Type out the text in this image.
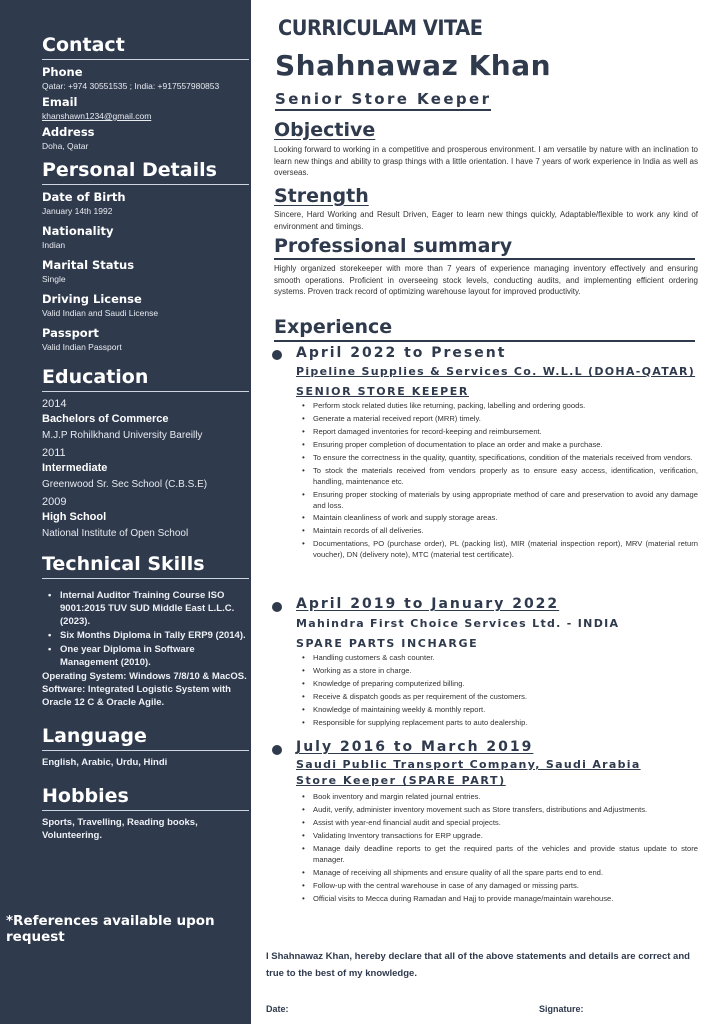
Contact
Phone
Qatar: +974 30551535 ; India: +917557980853
Email
khanshawn1234@gmail.com
Address
Doha, Qatar
Personal Details
Date of Birth
January 14th 1992
Nationality
Indian
Marital Status
Single
Driving License
Valid Indian and Saudi License
Passport
Valid Indian Passport
Education
2014
Bachelors of Commerce
M.J.P Rohilkhand University Bareilly
2011
Intermediate
Greenwood Sr. Sec School (C.B.S.E)
2009
High School
National Institute of Open School
Technical Skills
• Internal Auditor Training Course ISO 9001:2015 TUV SUD Middle East L.L.C. (2023).
• Six Months Diploma in Tally ERP9 (2014).
• One year Diploma in Software Management (2010).
Operating System: Windows 7/8/10 & MacOS.
Software: Integrated Logistic System with Oracle 12 C & Oracle Agile.
Language
English, Arabic, Urdu, Hindi
Hobbies
Sports, Travelling, Reading books, Volunteering.
*References available upon request
CURRICULAM VITAE
Shahnawaz Khan
Senior Store Keeper
Objective
Looking forward to working in a competitive and prosperous environment. I am versatile by nature with an inclination to learn new things and ability to grasp things with a little orientation. I have 7 years of work experience in India as well as overseas.
Strength
Sincere, Hard Working and Result Driven, Eager to learn new things quickly, Adaptable/flexible to work any kind of environment and timings.
Professional summary
Highly organized storekeeper with more than 7 years of experience managing inventory effectively and ensuring smooth operations. Proficient in overseeing stock levels, conducting audits, and implementing efficient ordering systems. Proven track record of optimizing warehouse layout for improved productivity.
Experience
April 2022 to Present
Pipeline Supplies & Services Co. W.L.L (DOHA-QATAR)
SENIOR STORE KEEPER
• Perform stock related duties like returning, packing, labelling and ordering goods.
• Generate a material received report (MRR) timely.
• Report damaged inventories for record-keeping and reimbursement.
• Ensuring proper completion of documentation to place an order and make a purchase.
• To ensure the correctness in the quality, quantity, specifications, condition of the materials received from vendors.
• To stock the materials received from vendors properly as to ensure easy access, identification, verification, handling, maintenance etc.
• Ensuring proper stocking of materials by using appropriate method of care and preservation to avoid any damage and loss.
• Maintain cleanliness of work and supply storage areas.
• Maintain records of all deliveries.
• Documentations, PO (purchase order), PL (packing list), MIR (material inspection report), MRV (material return voucher), DN (delivery note), MTC (material test certificate).
April 2019 to January 2022
Mahindra First Choice Services Ltd. - INDIA
SPARE PARTS INCHARGE
• Handling customers & cash counter.
• Working as a store in charge.
• Knowledge of preparing computerized billing.
• Receive & dispatch goods as per requirement of the customers.
• Knowledge of maintaining weekly & monthly report.
• Responsible for supplying replacement parts to auto dealership.
July 2016 to March 2019
Saudi Public Transport Company, Saudi Arabia
Store Keeper (SPARE PART)
• Book inventory and margin related journal entries.
• Audit, verify, administer inventory movement such as Store transfers, distributions and Adjustments.
• Assist with year-end financial audit and special projects.
• Validating Inventory transactions for ERP upgrade.
• Manage daily deadline reports to get the required parts of the vehicles and provide status update to store manager.
• Manage of receiving all shipments and ensure quality of all the spare parts end to end.
• Follow-up with the central warehouse in case of any damaged or missing parts.
• Official visits to Mecca during Ramadan and Hajj to provide manage/maintain warehouse.
I Shahnawaz Khan, hereby declare that all of the above statements and details are correct and true to the best of my knowledge.
Date:	Signature:
